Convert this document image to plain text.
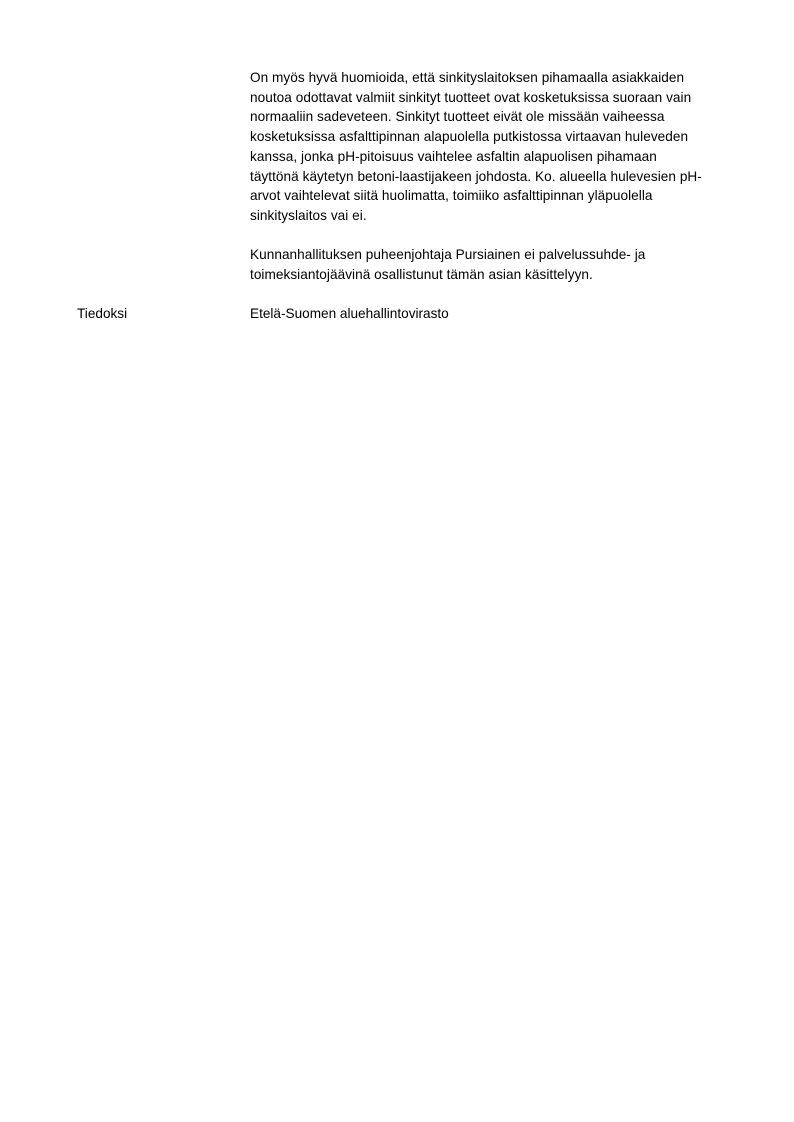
On myös hyvä huomioida, että sinkityslaitoksen pihamaalla asiakkaiden
noutoa odottavat valmiit sinkityt tuotteet ovat kosketuksissa suoraan vain
normaaliin sadeveteen. Sinkityt tuotteet eivät ole missään vaiheessa
kosketuksissa asfalttipinnan alapuolella putkistossa virtaavan huleveden
kanssa, jonka pH-pitoisuus vaihtelee asfaltin alapuolisen pihamaan
täyttönä käytetyn betoni-laastijakeen johdosta. Ko. alueella hulevesien pH-
arvot vaihtelevat siitä huolimatta, toimiiko asfalttipinnan yläpuolella
sinkityslaitos vai ei.
Kunnanhallituksen puheenjohtaja Pursiainen ei palvelussuhde- ja
toimeksiantojäävinä osallistunut tämän asian käsittelyyn.
Tiedoksi	Etelä-Suomen aluehallintovirasto
